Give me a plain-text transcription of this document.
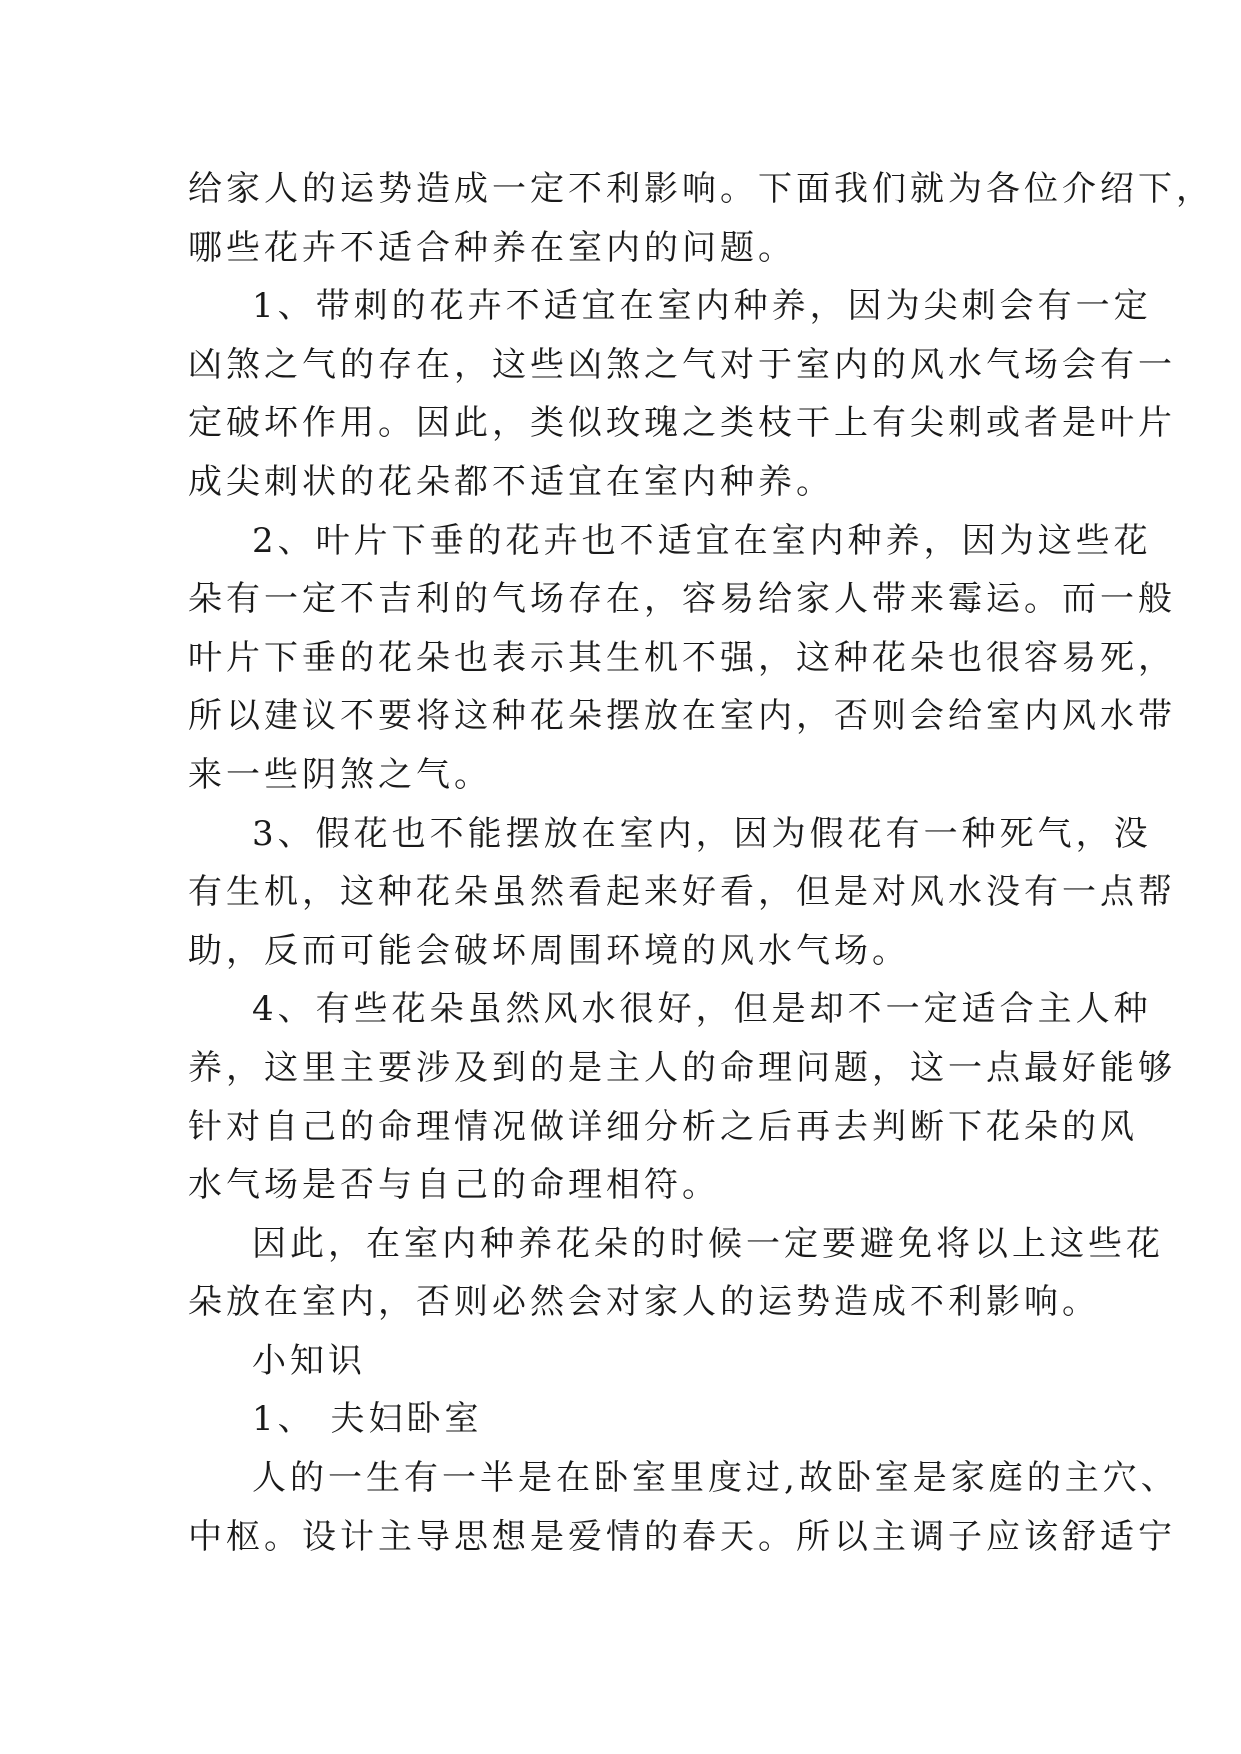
给家人的运势造成一定不利影响。下面我们就为各位介绍下，
哪些花卉不适合种养在室内的问题。
1、带刺的花卉不适宜在室内种养，因为尖刺会有一定
凶煞之气的存在，这些凶煞之气对于室内的风水气场会有一
定破坏作用。因此，类似玫瑰之类枝干上有尖刺或者是叶片
成尖刺状的花朵都不适宜在室内种养。
2、叶片下垂的花卉也不适宜在室内种养，因为这些花
朵有一定不吉利的气场存在，容易给家人带来霉运。而一般
叶片下垂的花朵也表示其生机不强，这种花朵也很容易死，
所以建议不要将这种花朵摆放在室内，否则会给室内风水带
来一些阴煞之气。
3、假花也不能摆放在室内，因为假花有一种死气，没
有生机，这种花朵虽然看起来好看，但是对风水没有一点帮
助，反而可能会破坏周围环境的风水气场。
4、有些花朵虽然风水很好，但是却不一定适合主人种
养，这里主要涉及到的是主人的命理问题，这一点最好能够
针对自己的命理情况做详细分析之后再去判断下花朵的风
水气场是否与自己的命理相符。
因此，在室内种养花朵的时候一定要避免将以上这些花
朵放在室内，否则必然会对家人的运势造成不利影响。
小知识
1、 夫妇卧室
人的一生有一半是在卧室里度过,故卧室是家庭的主穴、
中枢。设计主导思想是爱情的春天。所以主调子应该舒适宁
